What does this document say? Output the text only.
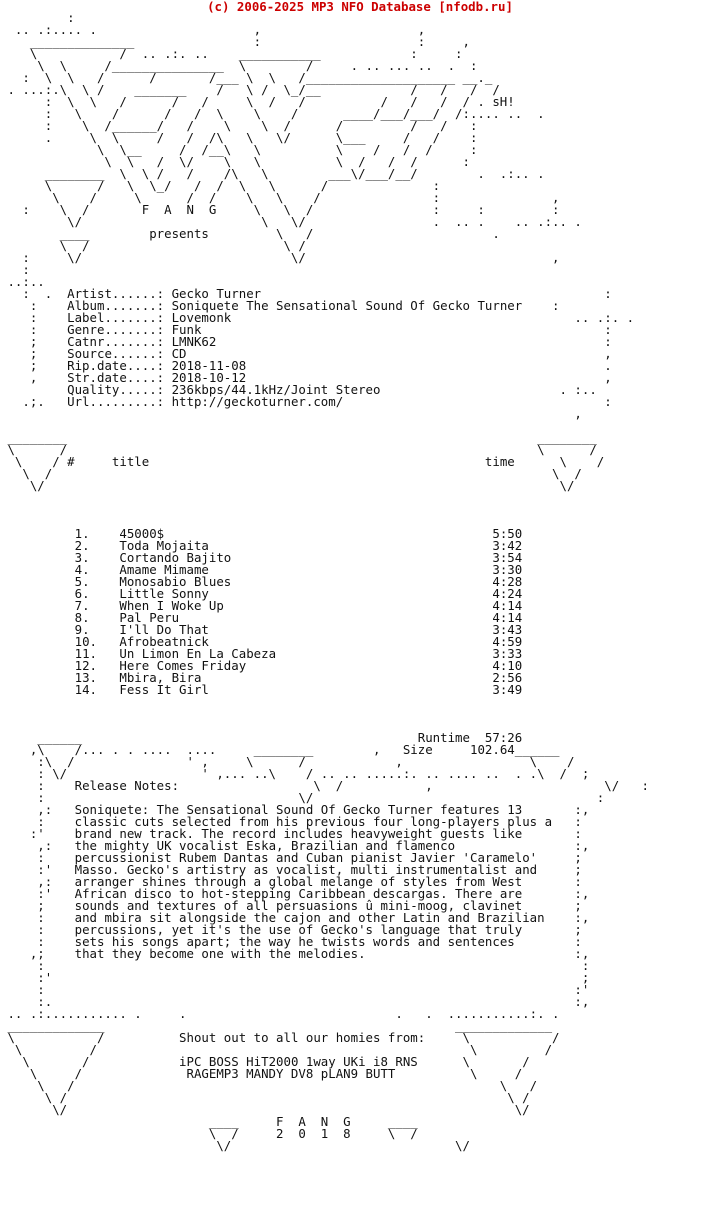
(c) 2006-2025 MP3 NFO Database [nfodb.ru]
:
.. .:.... .                     ,                     ,
______________                :                     :     ,
\           /  .. .:. ..    ___________            :     :
\  \     /_______________  \        /     . .. ... ..  .  :
:  \  \   /      /       /___ \  \   /____________________ __._
. ...:.\  \ /    _______    /   \ /  \_/__            /   /   /  /
:  \  \   /      /   /     \  /   /          /   /   /  / . sH!
:   \    /      /   /  \    \    /      ____/___/___/  /:.... ..  .
:    \  /______/   /    \    \  /      /         /   /   :
.     \  \     /   /  /\   \   \/      \___     /   /    :
\  \__     /  /__\   \          \    /   /  /     :
\  \   /  \/    \   \          \  /   /  /      :
________  \  \ /   /    /\   \        ___\/___/__/        .  .:.. .
\      /   \  \_/   /  /  \   \      /              :
\    /     \      /  /    \   \    /               :               ,
:    \  /       F  A  N  G     \   \  /                :     :         :
\/                        \   \/                 .  .. .    .. .:.. .
____        presents         \   /                        .
\  /                          \ /
:     \/                            \/                                 ,
:
..:..
:  .  Artist......: Gecko Turner                                              :
:    Album.......: Soniquete The Sensational Sound Of Gecko Turner    :
:    Label.......: Lovemonk                                              .. .:. .
:    Genre.......: Funk                                                      :
;    Catnr.......: LMNK62                                                    :
;    Source......: CD                                                        ,
;    Rip.date....: 2018-11-08                                                .
,    Str.date....: 2018-10-12                                                ,
Quality.....: 236kbps/44.1kHz/Joint Stereo                        . :..
.;.   Url.........: http://geckoturner.com/                                   :
,

________                                                               ________
\      /                                                               \      /
\    / #     title                                             time      \    /
\  /                                                                   \  /
\/                                                                     \/

1.    45000$                                            5:50
2.    Toda Mojaita                                      3:42
3.    Cortando Bajito                                   3:54
4.    Amame Mimame                                      3:30
5.    Monosabio Blues                                   4:28
6.    Little Sonny                                      4:24
7.    When I Woke Up                                    4:14
8.    Pal Peru                                          4:14
9.    I'll Do That                                      3:43
10.   Afrobeatnick                                      4:59
11.   Un Limon En La Cabeza                             3:33
12.   Here Comes Friday                                 4:10
13.   Mbira, Bira                                       2:56
14.   Fess It Girl                                      3:49

______                                             Runtime 57:26
,\    /... . . ....  ....     ________        ,   Size     102.64______
:\  /               ' ,     \      /            ,                 \    /
: \/                  ' ,... ..\    / .. .. .....:. .. .... ..  . .\  /  ;
:    Release Notes:                  \  /           ,                       \/   :
:                                  \/                                      :
,:   Soniquete: The Sensational Sound Of Gecko Turner features 13       :,
:    classic cuts selected from his previous four long-players plus a   :
:'    brand new track. The record includes heavyweight guests like       :
,:   the mighty UK vocalist Eska, Brazilian and flamenco                :,
:    percussionist Rubem Dantas and Cuban pianist Javier 'Caramelo'     ;
:'   Masso. Gecko's artistry as vocalist, multi instrumentalist and     ;
,:   arranger shines through a global melange of styles from West       :
:'   African disco to hot-stepping Caribbean descargas. There are       :,
;    sounds and textures of all persuasions û mini-moog, clavinet       ;
:    and mbira sit alongside the cajon and other Latin and Brazilian    :,
:    percussions, yet it's the use of Gecko's language that truly       ;
:    sets his songs apart; the way he twists words and sentences        :
,;    that they become one with the melodies.                            :,
:                                                                        :
:'                                                                       ;
:                                                                       :'
:.                                                                      :,
.. .:........... .     .                            .   .  ...........:. .
_____________                                               _____________
\           /          Shout out to all our homies from:     \           /
\         /                                                  \         /
\       /            iPC BOSS HiT2000 1way UKi i8 RNS      \       /
\     /              RAGEMP3 MANDY DV8 pLAN9 BUTT          \     /
\   /                                                         \   /
\ /                                                           \ /
\/                                                            \/
____     F  A  N  G     ____
\  /     2  0  1  8     \  /
\/                              \/
